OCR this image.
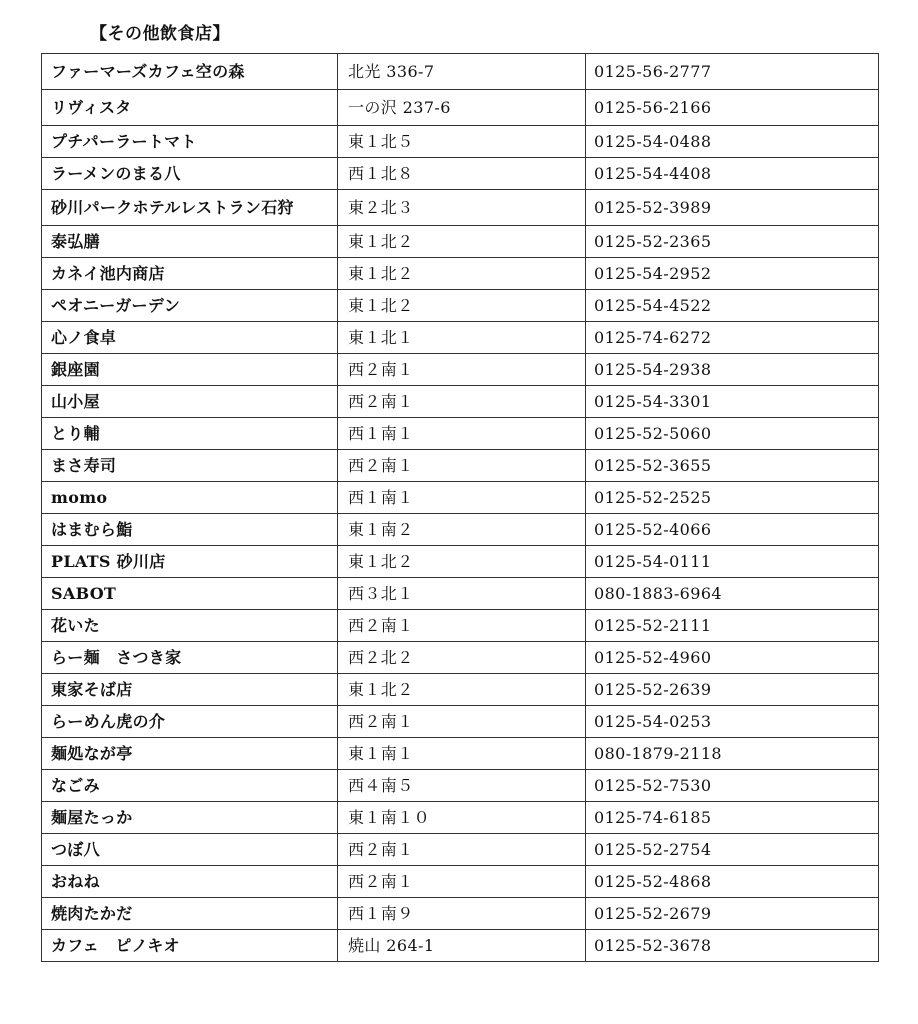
【その他飲食店】
ファーマーズカフェ空の森	北光 336-7	0125-56-2777
リヴィスタ	一の沢 237-6	0125-56-2166
プチパーラートマト	東１北５	0125-54-0488
ラーメンのまる八	西１北８	0125-54-4408
砂川パークホテルレストラン石狩	東２北３	0125-52-3989
泰弘膳	東１北２	0125-52-2365
カネイ池内商店	東１北２	0125-54-2952
ペオニーガーデン	東１北２	0125-54-4522
心ノ食卓	東１北１	0125-74-6272
銀座園	西２南１	0125-54-2938
山小屋	西２南１	0125-54-3301
とり輔	西１南１	0125-52-5060
まさ寿司	西２南１	0125-52-3655
momo	西１南１	0125-52-2525
はまむら鮨	東１南２	0125-52-4066
PLATS 砂川店	東１北２	0125-54-0111
SABOT	西３北１	080-1883-6964
花いた	西２南１	0125-52-2111
らー麺　さつき家	西２北２	0125-52-4960
東家そば店	東１北２	0125-52-2639
らーめん虎の介	西２南１	0125-54-0253
麺処なが亭	東１南１	080-1879-2118
なごみ	西４南５	0125-52-7530
麺屋たっか	東１南１０	0125-74-6185
つぼ八	西２南１	0125-52-2754
おねね	西２南１	0125-52-4868
焼肉たかだ	西１南９	0125-52-2679
カフェ　ピノキオ	焼山 264-1	0125-52-3678
